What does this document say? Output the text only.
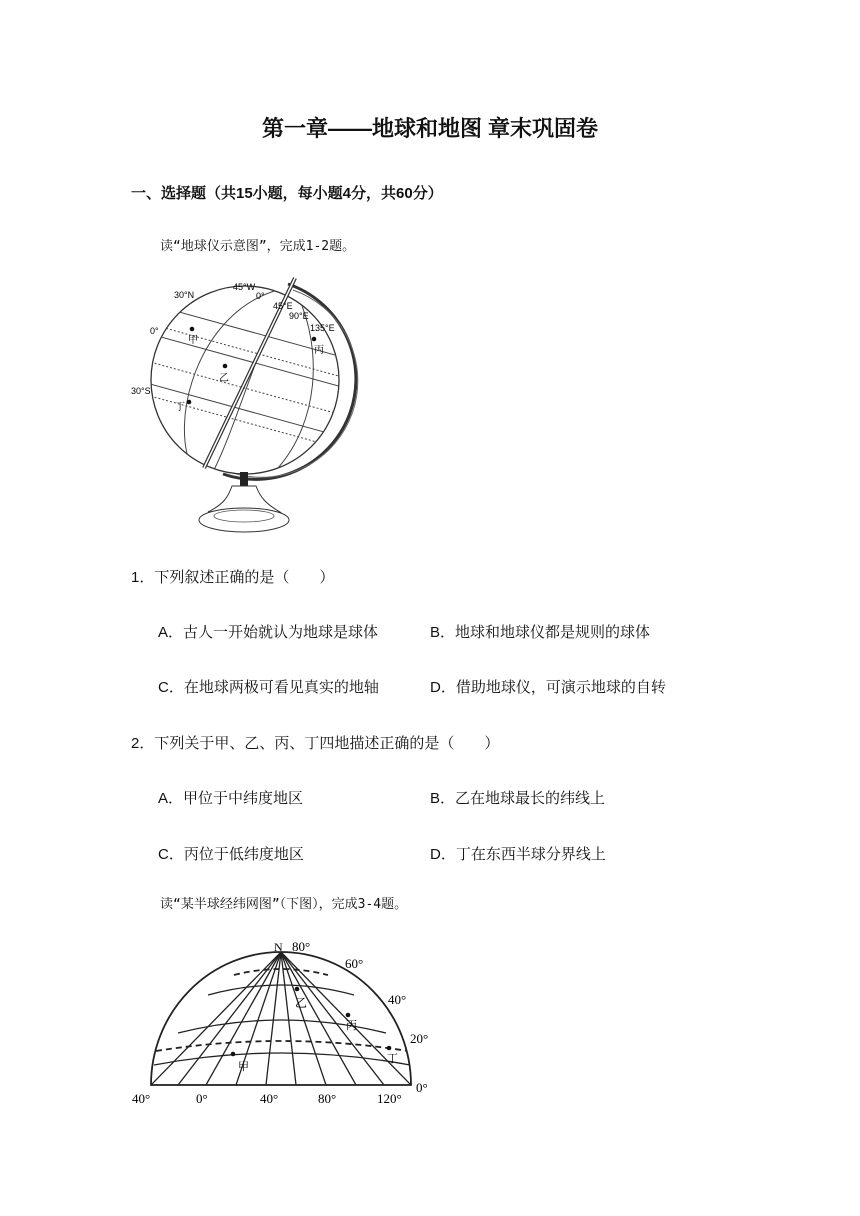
第一章——地球和地图 章末巩固卷
一、选择题（共15小题，每小题4分，共60分）
读“地球仪示意图”，完成1-2题。
30°N
0°
30°S
45°W
0°
45°E
90°E
135°E
甲
乙
丙
丁
1．下列叙述正确的是（　　）
A．古人一开始就认为地球是球体	B．地球和地球仪都是规则的球体
C．在地球两极可看见真实的地轴	D．借助地球仪，可演示地球的自转
2．下列关于甲、乙、丙、丁四地描述正确的是（　　）
A．甲位于中纬度地区	B．乙在地球最长的纬线上
C．丙位于低纬度地区	D．丁在东西半球分界线上
读“某半球经纬网图”（下图），完成3-4题。
N 80°
60°
40°
20°
0°
40°	0°	40°	80°	120°
甲
乙
丙
丁
